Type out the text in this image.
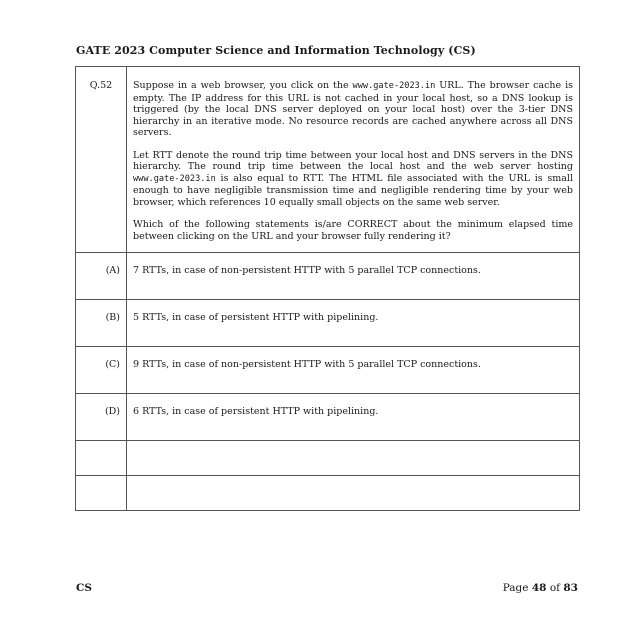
GATE 2023 Computer Science and Information Technology (CS)
Q.52	Suppose in a web browser, you click on the www.gate-2023.in URL. The browser cache is empty. The IP address for this URL is not cached in your local host, so a DNS lookup is triggered (by the local DNS server deployed on your local host) over the 3-tier DNS hierarchy in an iterative mode. No resource records are cached anywhere across all DNS servers.

Let RTT denote the round trip time between your local host and DNS servers in the DNS hierarchy. The round trip time between the local host and the web server hosting www.gate-2023.in is also equal to RTT. The HTML file associated with the URL is small enough to have negligible transmission time and negligible rendering time by your web browser, which references 10 equally small objects on the same web server.

Which of the following statements is/are CORRECT about the minimum elapsed time between clicking on the URL and your browser fully rendering it?

(A)	7 RTTs, in case of non-persistent HTTP with 5 parallel TCP connections.
(B)	5 RTTs, in case of persistent HTTP with pipelining.
(C)	9 RTTs, in case of non-persistent HTTP with 5 parallel TCP connections.
(D)	6 RTTs, in case of persistent HTTP with pipelining.

CS	Page 48 of 83
